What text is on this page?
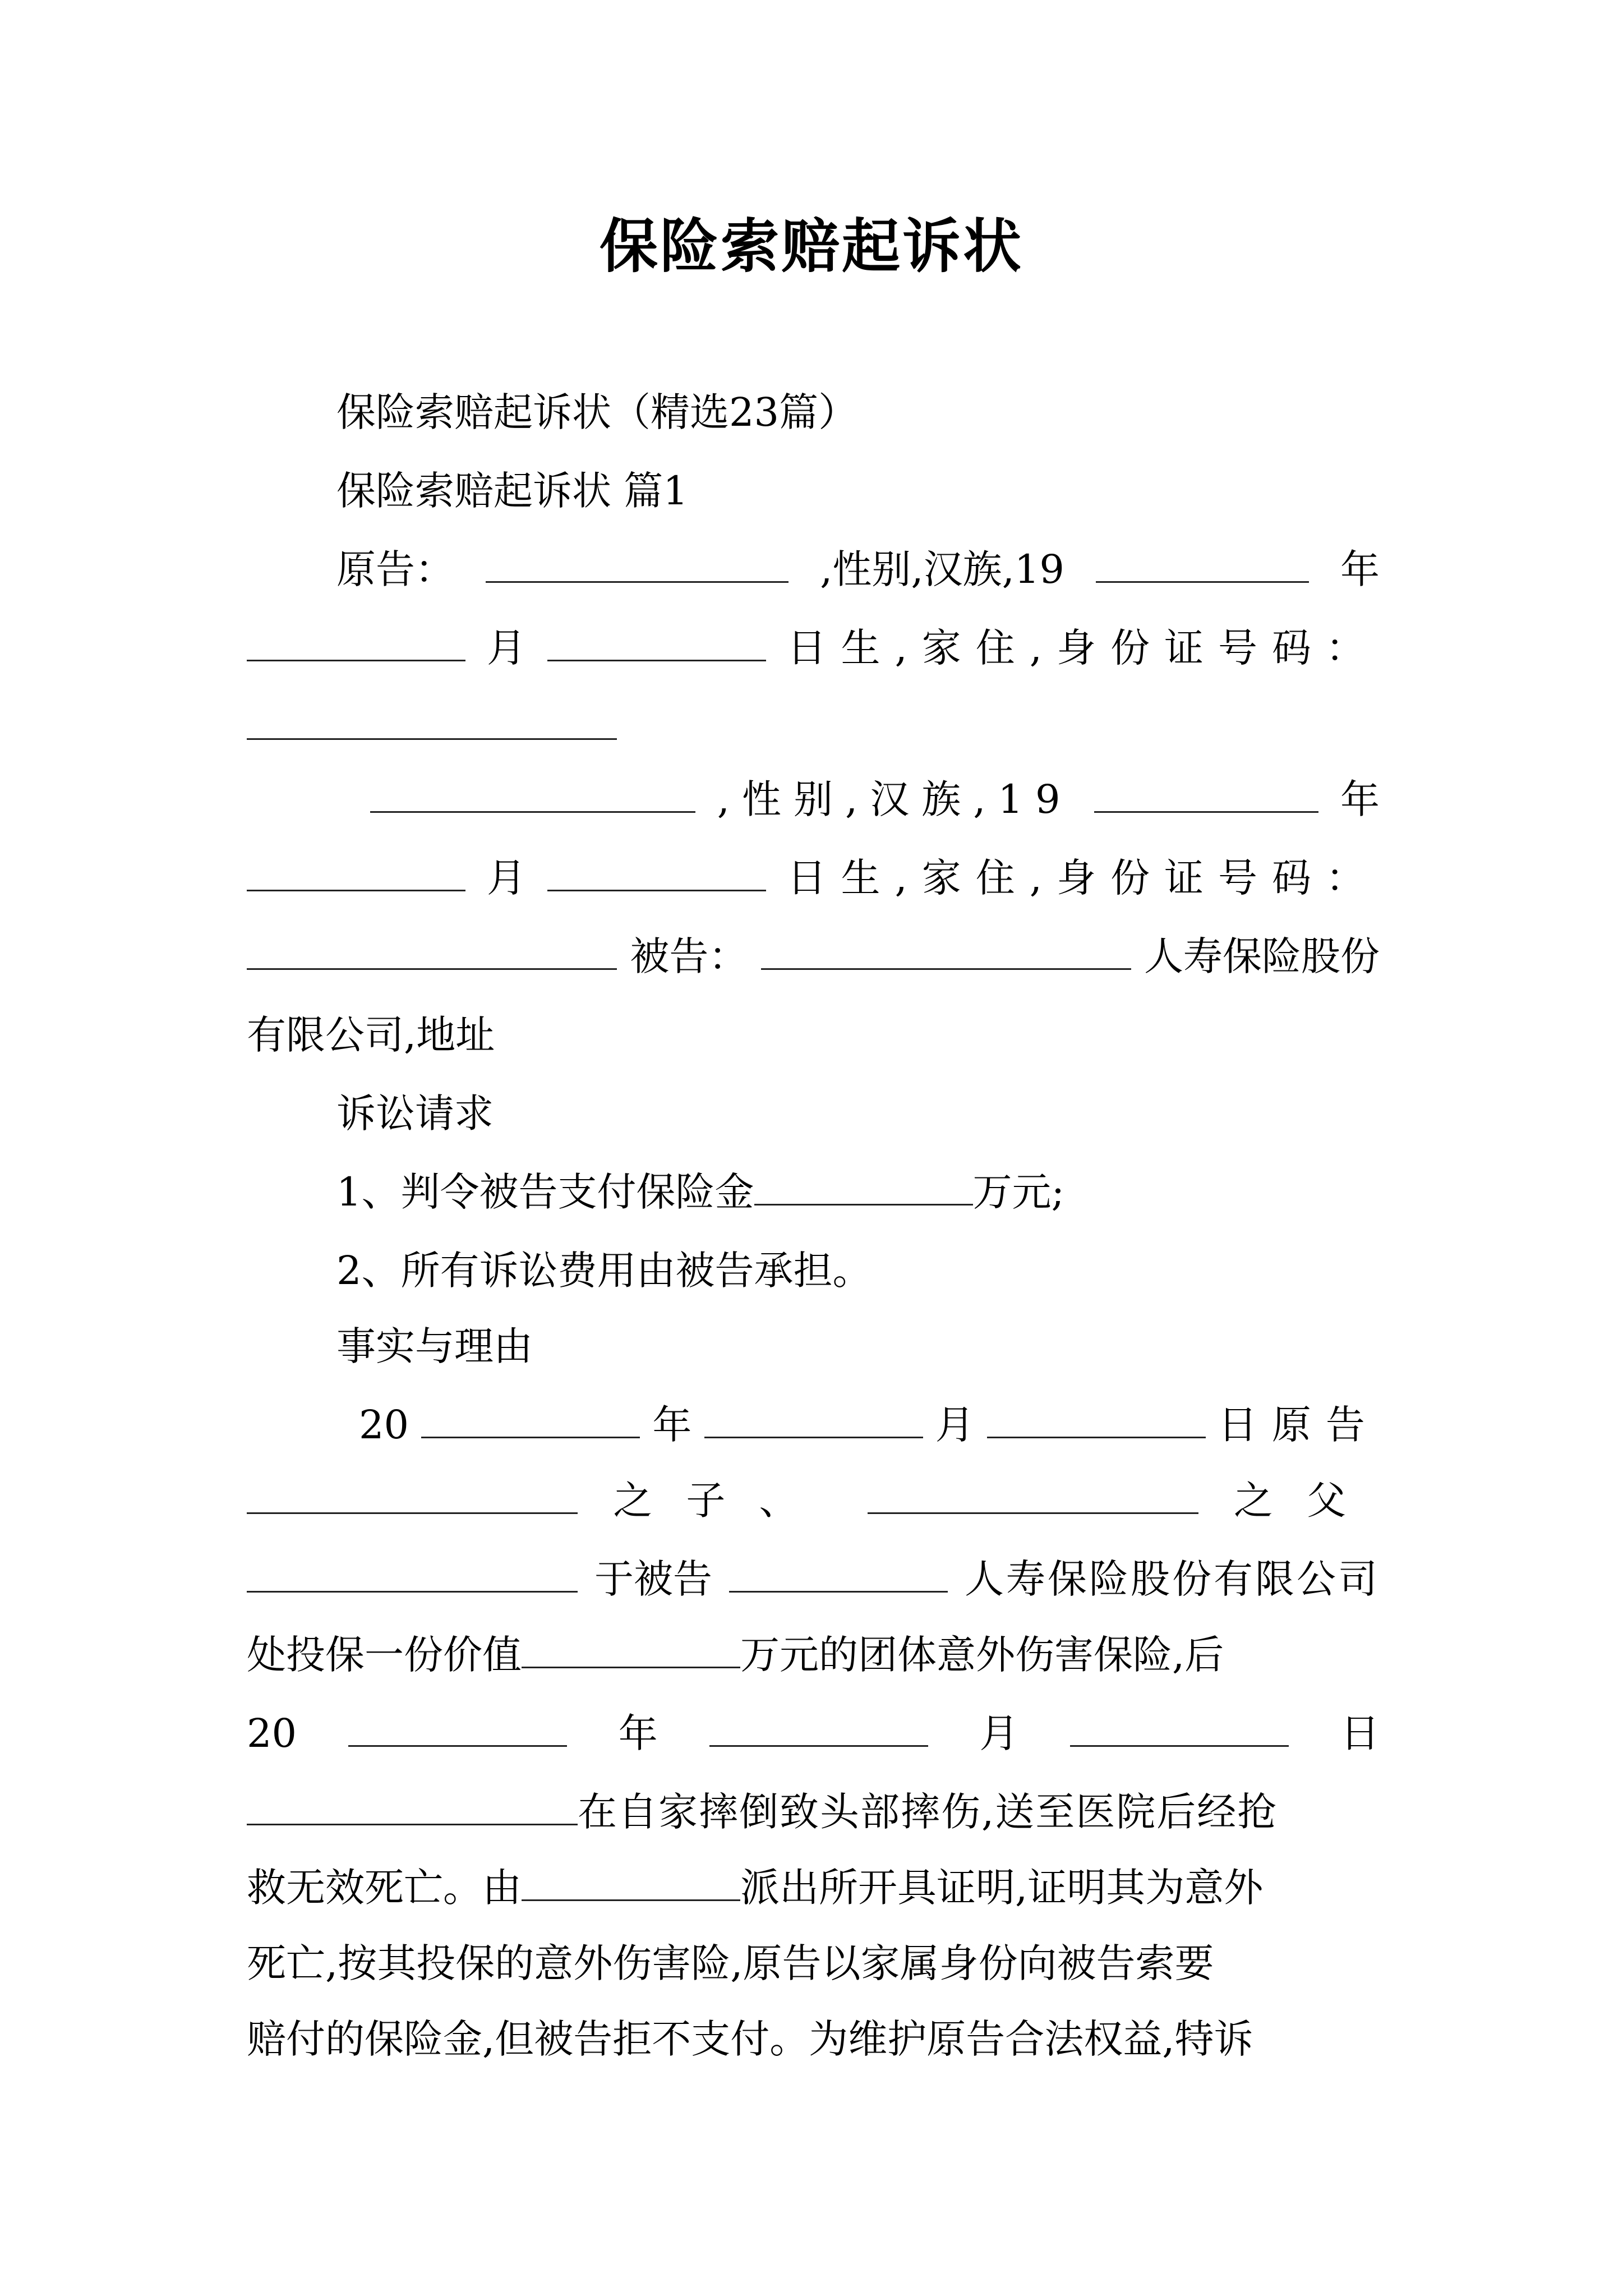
保险索赔起诉状
保险索赔起诉状（精选23篇）
保险索赔起诉状 篇1
原告：	,性别,汉族,19	年
月	日生,家住,身份证号码：
,性别,汉族,19	年
月	日生,家住,身份证号码：
被告：	人寿保险股份
有限公司,地址
诉讼请求
1、判令被告支付保险金	万元;
2、所有诉讼费用由被告承担。
事实与理由
20	年	月	日原告
之子、	之父
于被告	人寿保险股份有限公司
处投保一份价值	万元的团体意外伤害保险,后
20	年	月	日
在自家摔倒致头部摔伤,送至医院后经抢
救无效死亡。由	派出所开具证明,证明其为意外
死亡,按其投保的意外伤害险,原告以家属身份向被告索要
赔付的保险金,但被告拒不支付。为维护原告合法权益,特诉
